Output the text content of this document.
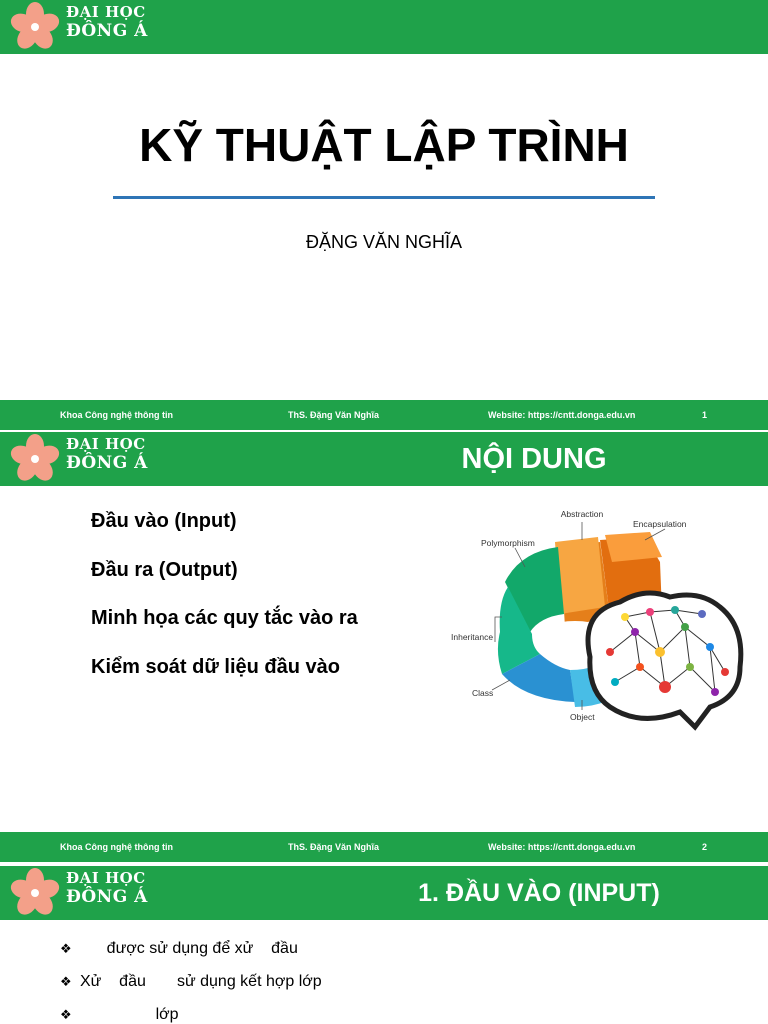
ĐẠI HỌC
ĐÔNG Á
KỸ THUẬT LẬP TRÌNH
ĐẶNG VĂN NGHĨA
Khoa Công nghệ thông tin	ThS. Đặng Văn Nghĩa	Website: https://cntt.donga.edu.vn	1
ĐẠI HỌC
ĐÔNG Á	NỘI DUNG
Đầu vào (Input)
Đầu ra (Output)
Minh họa các quy tắc vào ra
Kiểm soát dữ liệu đầu vào
Abstraction
Encapsulation
Polymorphism
Inheritance
Class
Object
Khoa Công nghệ thông tin	ThS. Đặng Văn Nghĩa	Website: https://cntt.donga.edu.vn	2
ĐẠI HỌC
ĐÔNG Á	1. ĐẦU VÀO (INPUT)
❖      được sử dụng để xử    đầu
❖ Xử    đầu       sử dụng kết hợp lớp
❖                 lớp
